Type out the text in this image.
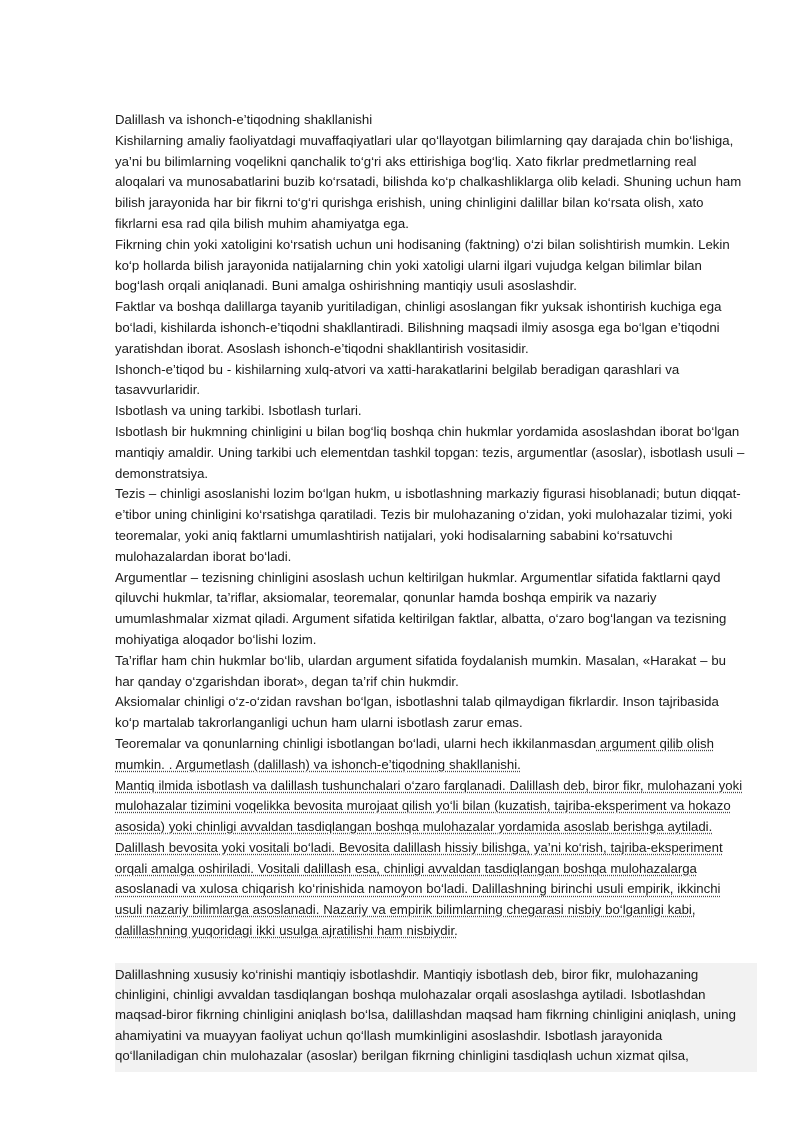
Dalillash va ishonch-e’tiqodning shakllanishi

Kishilarning amaliy faoliyatdagi muvaffaqiyatlari ular qo‘llayotgan bilimlarning qay darajada chin bo‘lishiga, ya’ni bu bilimlarning voqelikni qanchalik to‘g‘ri aks ettirishiga bog‘liq. Xato fikrlar predmetlarning real aloqalari va munosabatlarini buzib ko‘rsatadi, bilishda ko‘p chalkashliklarga olib keladi. Shuning uchun ham bilish jarayonida har bir fikrni to‘g‘ri qurishga erishish, uning chinligini dalillar bilan ko‘rsata olish, xato fikrlarni esa rad qila bilish muhim ahamiyatga ega.

Fikrning chin yoki xatoligini ko‘rsatish uchun uni hodisaning (faktning) o‘zi bilan solishtirish mumkin. Lekin ko‘p hollarda bilish jarayonida natijalarning chin yoki xatoligi ularni ilgari vujudga kelgan bilimlar bilan bog‘lash orqali aniqlanadi. Buni amalga oshirishning mantiqiy usuli asoslashdir.

Faktlar va boshqa dalillarga tayanib yuritiladigan, chinligi asoslangan fikr yuksak ishontirish kuchiga ega bo‘ladi, kishilarda ishonch-e’tiqodni shakllantiradi. Bilishning maqsadi ilmiy asosga ega bo‘lgan e’tiqodni yaratishdan iborat. Asoslash ishonch-e’tiqodni shakllantirish vositasidir.

Ishonch-e’tiqod bu - kishilarning xulq-atvori va xatti-harakatlarini belgilab beradigan qarashlari va tasavvurlaridir.

Isbotlash va uning tarkibi. Isbotlash turlari.

Isbotlash bir hukmning chinligini u bilan bog‘liq boshqa chin hukmlar yordamida asoslashdan iborat bo‘lgan mantiqiy amaldir. Uning tarkibi uch elementdan tashkil topgan: tezis, argumentlar (asoslar), isbotlash usuli – demonstratsiya.

Tezis – chinligi asoslanishi lozim bo‘lgan hukm, u isbotlashning markaziy figurasi hisoblanadi; butun diqqat-e’tibor uning chinligini ko‘rsatishga qaratiladi. Tezis bir mulohazaning o‘zidan, yoki mulohazalar tizimi, yoki teoremalar, yoki aniq faktlarni umumlashtirish natijalari, yoki hodisalarning sababini ko‘rsatuvchi mulohazalardan iborat bo‘ladi.

Argumentlar – tezisning chinligini asoslash uchun keltirilgan hukmlar. Argumentlar sifatida faktlarni qayd qiluvchi hukmlar, ta’riflar, aksiomalar, teoremalar, qonunlar hamda boshqa empirik va nazariy umumlashmalar xizmat qiladi. Argument sifatida keltirilgan faktlar, albatta, o‘zaro bog‘langan va tezisning mohiyatiga aloqador bo‘lishi lozim.

Ta’riflar ham chin hukmlar bo‘lib, ulardan argument sifatida foydalanish mumkin. Masalan, «Harakat – bu har qanday o‘zgarishdan iborat», degan ta’rif chin hukmdir.

Aksiomalar chinligi o‘z-o‘zidan ravshan bo‘lgan, isbotlashni talab qilmaydigan fikrlardir. Inson tajribasida ko‘p martalab takrorlanganligi uchun ham ularni isbotlash zarur emas.

Teoremalar va qonunlarning chinligi isbotlangan bo‘ladi, ularni hech ikkilanmasdan argument qilib olish mumkin. . Argumetlash (dalillash) va ishonch-e’tiqodning shakllanishi.

Mantiq ilmida isbotlash va dalillash tushunchalari o‘zaro farqlanadi. Dalillash deb, biror fikr, mulohazani yoki mulohazalar tizimini voqelikka bevosita murojaat qilish yo‘li bilan (kuzatish, tajriba-eksperiment va hokazo asosida) yoki chinligi avvaldan tasdiqlangan boshqa mulohazalar yordamida asoslab berishga aytiladi. Dalillash bevosita yoki vositali bo‘ladi. Bevosita dalillash hissiy bilishga, ya’ni ko‘rish, tajriba-eksperiment orqali amalga oshiriladi. Vositali dalillash esa, chinligi avvaldan tasdiqlangan boshqa mulohazalarga asoslanadi va xulosa chiqarish ko‘rinishida namoyon bo‘ladi. Dalillashning birinchi usuli empirik, ikkinchi usuli nazariy bilimlarga asoslanadi. Nazariy va empirik bilimlarning chegarasi nisbiy bo‘lganligi kabi, dalillashning yuqoridagi ikki usulga ajratilishi ham nisbiydir.

Dalillashning xususiy ko‘rinishi mantiqiy isbotlashdir. Mantiqiy isbotlash deb, biror fikr, mulohazaning chinligini, chinligi avvaldan tasdiqlangan boshqa mulohazalar orqali asoslashga aytiladi. Isbotlashdan maqsad-biror fikrning chinligini aniqlash bo‘lsa, dalillashdan maqsad ham fikrning chinligini aniqlash, uning ahamiyatini va muayyan faoliyat uchun qo‘llash mumkinligini asoslashdir. Isbotlash jarayonida qo‘llaniladigan chin mulohazalar (asoslar) berilgan fikrning chinligini tasdiqlash uchun xizmat qilsa,
